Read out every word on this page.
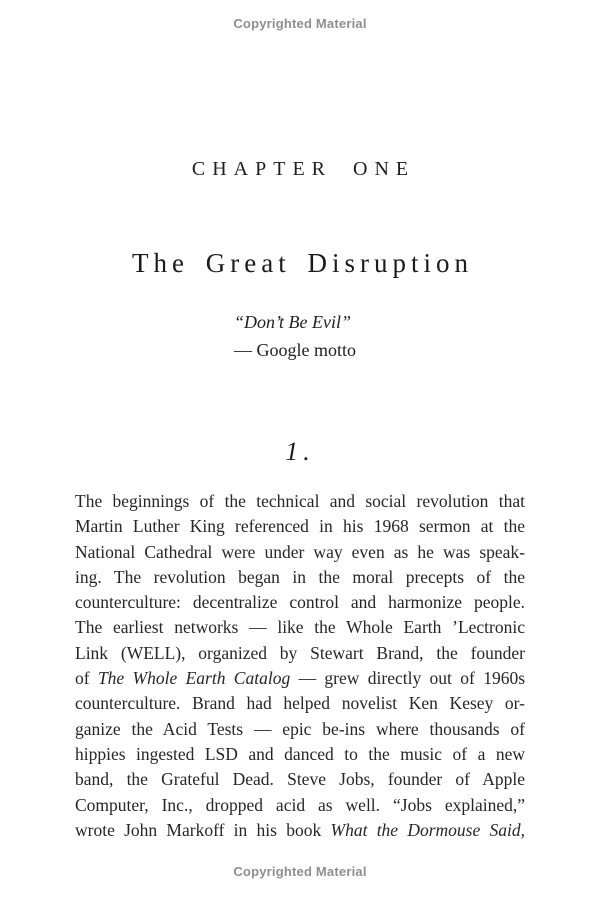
Copyrighted Material
CHAPTER ONE
The Great Disruption
“Don’t Be Evil”
— Google motto
1.
The beginnings of the technical and social revolution that
Martin Luther King referenced in his 1968 sermon at the
National Cathedral were under way even as he was speak-
ing. The revolution began in the moral precepts of the
counterculture: decentralize control and harmonize people.
The earliest networks — like the Whole Earth ’Lectronic
Link (WELL), organized by Stewart Brand, the founder
of The Whole Earth Catalog — grew directly out of 1960s
counterculture. Brand had helped novelist Ken Kesey or-
ganize the Acid Tests — epic be-ins where thousands of
hippies ingested LSD and danced to the music of a new
band, the Grateful Dead. Steve Jobs, founder of Apple
Computer, Inc., dropped acid as well. “Jobs explained,”
wrote John Markoff in his book What the Dormouse Said,
Copyrighted Material
